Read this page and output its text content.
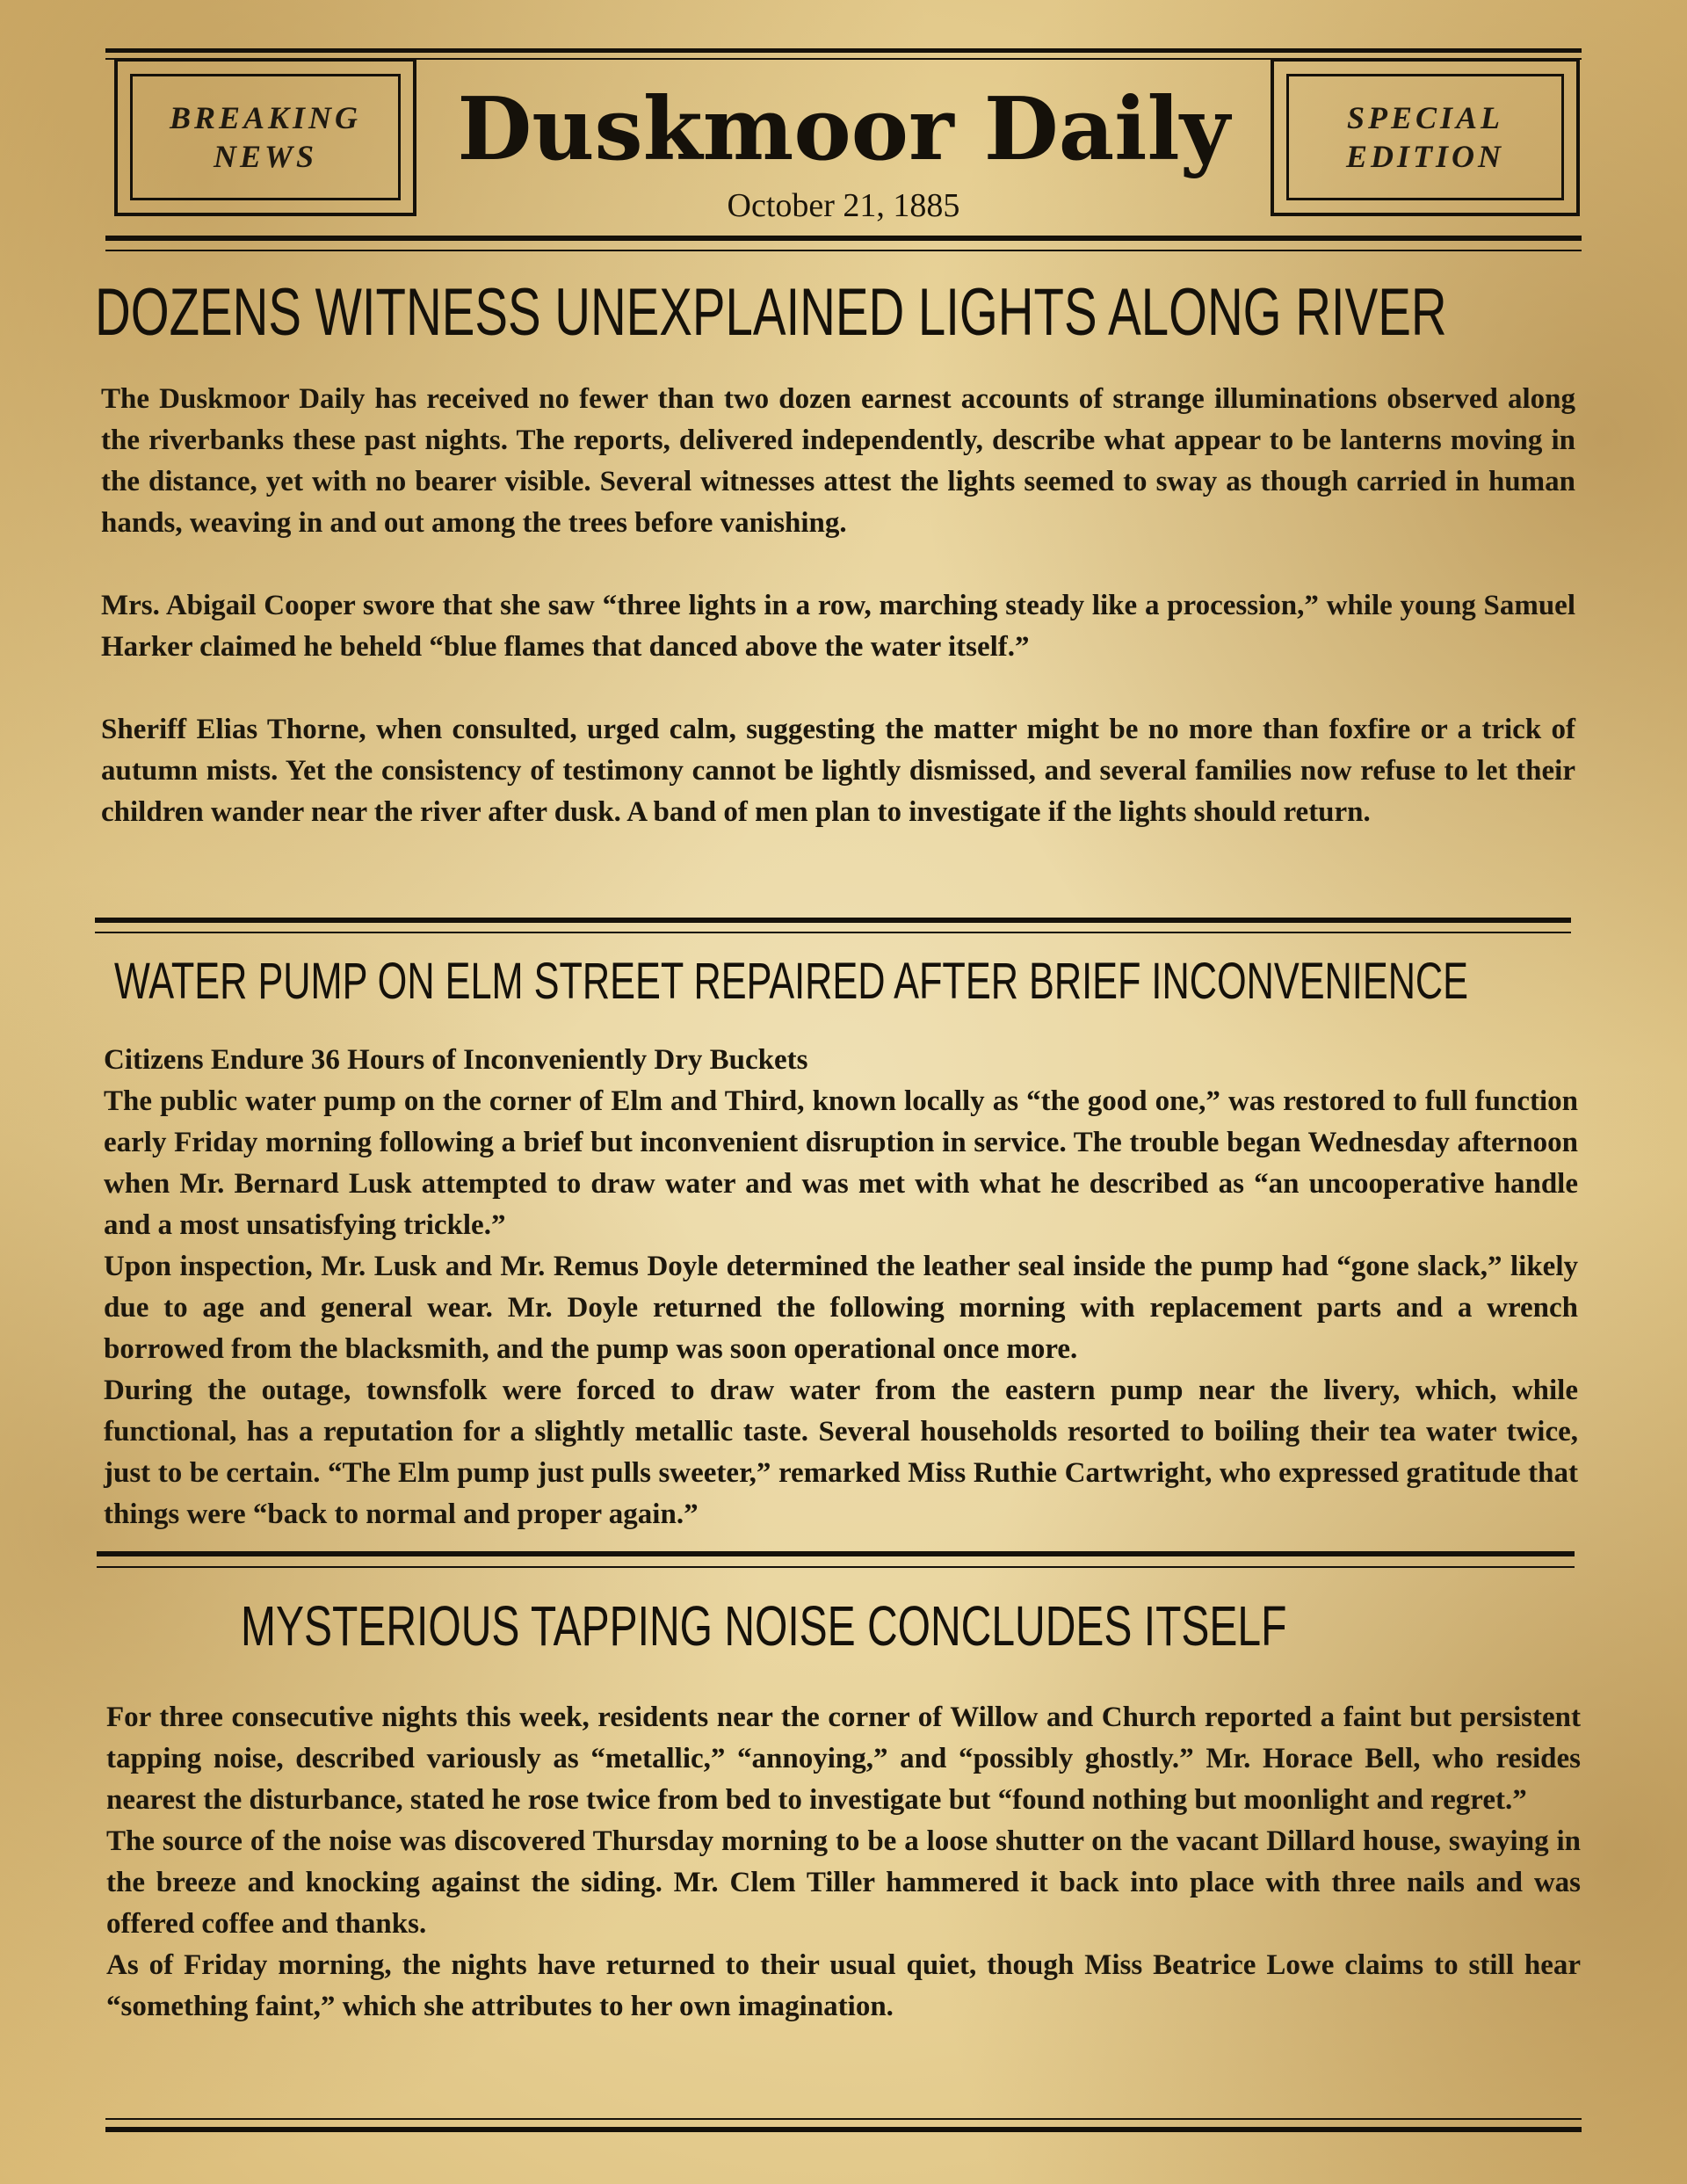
BREAKING
NEWS
SPECIAL
EDITION
Duskmoor Daily
October 21, 1885
DOZENS WITNESS UNEXPLAINED LIGHTS ALONG RIVER

The Duskmoor Daily has received no fewer than two dozen earnest accounts of strange illuminations observed along the riverbanks these past nights. The reports, delivered independently, describe what appear to be lanterns moving in the distance, yet with no bearer visible. Several witnesses attest the lights seemed to sway as though carried in human hands, weaving in and out among the trees before vanishing.

Mrs. Abigail Cooper swore that she saw “three lights in a row, marching steady like a procession,” while young Samuel Harker claimed he beheld “blue flames that danced above the water itself.”

Sheriff Elias Thorne, when consulted, urged calm, suggesting the matter might be no more than foxfire or a trick of autumn mists. Yet the consistency of testimony cannot be lightly dismissed, and several families now refuse to let their children wander near the river after dusk. A band of men plan to investigate if the lights should return.

WATER PUMP ON ELM STREET REPAIRED AFTER BRIEF INCONVENIENCE

Citizens Endure 36 Hours of Inconveniently Dry Buckets

The public water pump on the corner of Elm and Third, known locally as “the good one,” was restored to full function early Friday morning following a brief but inconvenient disruption in service. The trouble began Wednesday afternoon when Mr. Bernard Lusk attempted to draw water and was met with what he described as “an uncooperative handle and a most unsatisfying trickle.”

Upon inspection, Mr. Lusk and Mr. Remus Doyle determined the leather seal inside the pump had “gone slack,” likely due to age and general wear. Mr. Doyle returned the following morning with replacement parts and a wrench borrowed from the blacksmith, and the pump was soon operational once more.

During the outage, townsfolk were forced to draw water from the eastern pump near the livery, which, while functional, has a reputation for a slightly metallic taste. Several households resorted to boiling their tea water twice, just to be certain. “The Elm pump just pulls sweeter,” remarked Miss Ruthie Cartwright, who expressed gratitude that things were “back to normal and proper again.”

MYSTERIOUS TAPPING NOISE CONCLUDES ITSELF

For three consecutive nights this week, residents near the corner of Willow and Church reported a faint but persistent tapping noise, described variously as “metallic,” “annoying,” and “possibly ghostly.” Mr. Horace Bell, who resides nearest the disturbance, stated he rose twice from bed to investigate but “found nothing but moonlight and regret.”

The source of the noise was discovered Thursday morning to be a loose shutter on the vacant Dillard house, swaying in the breeze and knocking against the siding. Mr. Clem Tiller hammered it back into place with three nails and was offered coffee and thanks.

As of Friday morning, the nights have returned to their usual quiet, though Miss Beatrice Lowe claims to still hear “something faint,” which she attributes to her own imagination.
